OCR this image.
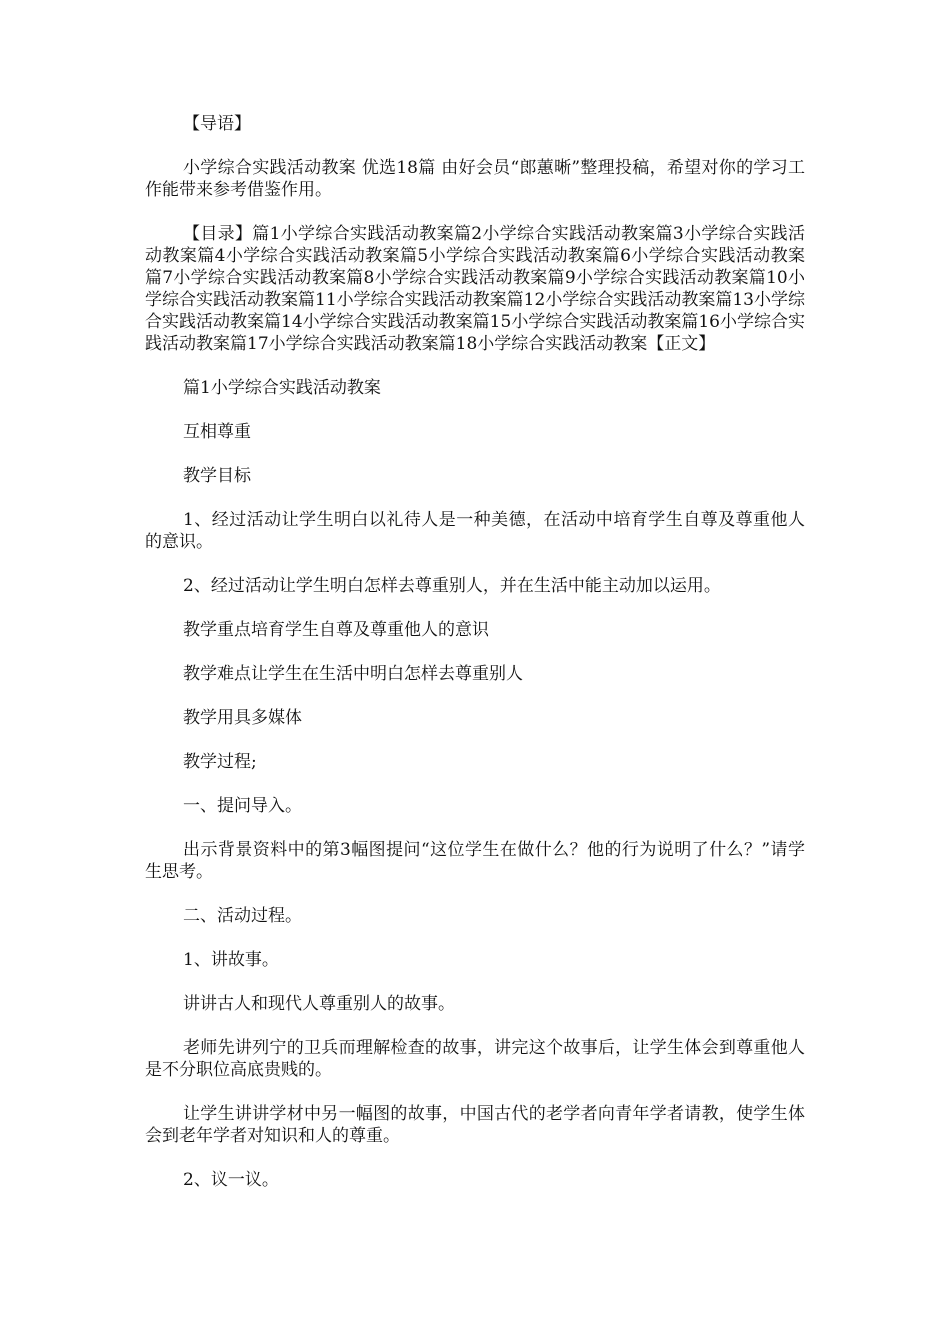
【导语】

小学综合实践活动教案 优选18篇 由好会员“郎蕙晰”整理投稿，希望对你的学习工作能带来参考借鉴作用。

【目录】篇1小学综合实践活动教案篇2小学综合实践活动教案篇3小学综合实践活动教案篇4小学综合实践活动教案篇5小学综合实践活动教案篇6小学综合实践活动教案篇7小学综合实践活动教案篇8小学综合实践活动教案篇9小学综合实践活动教案篇10小学综合实践活动教案篇11小学综合实践活动教案篇12小学综合实践活动教案篇13小学综合实践活动教案篇14小学综合实践活动教案篇15小学综合实践活动教案篇16小学综合实践活动教案篇17小学综合实践活动教案篇18小学综合实践活动教案【正文】

篇1小学综合实践活动教案

互相尊重

教学目标

1、经过活动让学生明白以礼待人是一种美德，在活动中培育学生自尊及尊重他人的意识。

2、经过活动让学生明白怎样去尊重别人，并在生活中能主动加以运用。

教学重点培育学生自尊及尊重他人的意识

教学难点让学生在生活中明白怎样去尊重别人

教学用具多媒体

教学过程;

一、提问导入。

出示背景资料中的第3幅图提问“这位学生在做什么？他的行为说明了什么？”请学生思考。

二、活动过程。

1、讲故事。

讲讲古人和现代人尊重别人的故事。

老师先讲列宁的卫兵而理解检查的故事，讲完这个故事后，让学生体会到尊重他人是不分职位高底贵贱的。

让学生讲讲学材中另一幅图的故事，中国古代的老学者向青年学者请教，使学生体会到老年学者对知识和人的尊重。

2、议一议。
